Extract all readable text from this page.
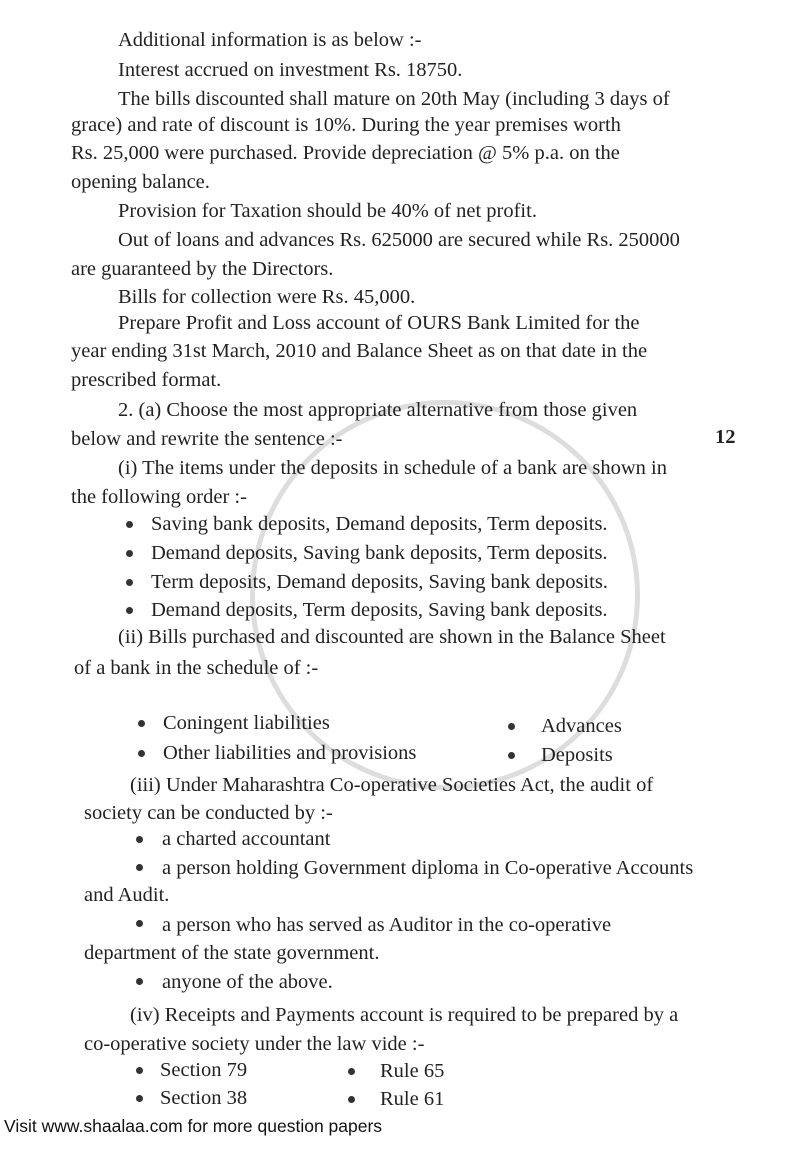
Additional information is as below :-
Interest accrued on investment Rs. 18750.
The bills discounted shall mature on 20th May (including 3 days of
grace) and rate of discount is 10%. During the year premises worth
Rs. 25,000 were purchased. Provide depreciation @ 5% p.a. on the
opening balance.
Provision for Taxation should be 40% of net profit.
Out of loans and advances Rs. 625000 are secured while Rs. 250000
are guaranteed by the Directors.
Bills for collection were Rs. 45,000.
Prepare Profit and Loss account of OURS Bank Limited for the
year ending 31st March, 2010 and Balance Sheet as on that date in the
prescribed format.
2. (a) Choose the most appropriate alternative from those given
below and rewrite the sentence :-	12
(i) The items under the deposits in schedule of a bank are shown in
the following order :-
Saving bank deposits, Demand deposits, Term deposits.
Demand deposits, Saving bank deposits, Term deposits.
Term deposits, Demand deposits, Saving bank deposits.
Demand deposits, Term deposits, Saving bank deposits.
(ii) Bills purchased and discounted are shown in the Balance Sheet
of a bank in the schedule of :-
Coningent liabilities	Advances
Other liabilities and provisions	Deposits
(iii) Under Maharashtra Co-operative Societies Act, the audit of
society can be conducted by :-
a charted accountant
a person holding Government diploma in Co-operative Accounts
and Audit.
a person who has served as Auditor in the co-operative
department of the state government.
anyone of the above.
(iv) Receipts and Payments account is required to be prepared by a
co-operative society under the law vide :-
Section 79	Rule 65
Section 38	Rule 61
Visit www.shaalaa.com for more question papers
